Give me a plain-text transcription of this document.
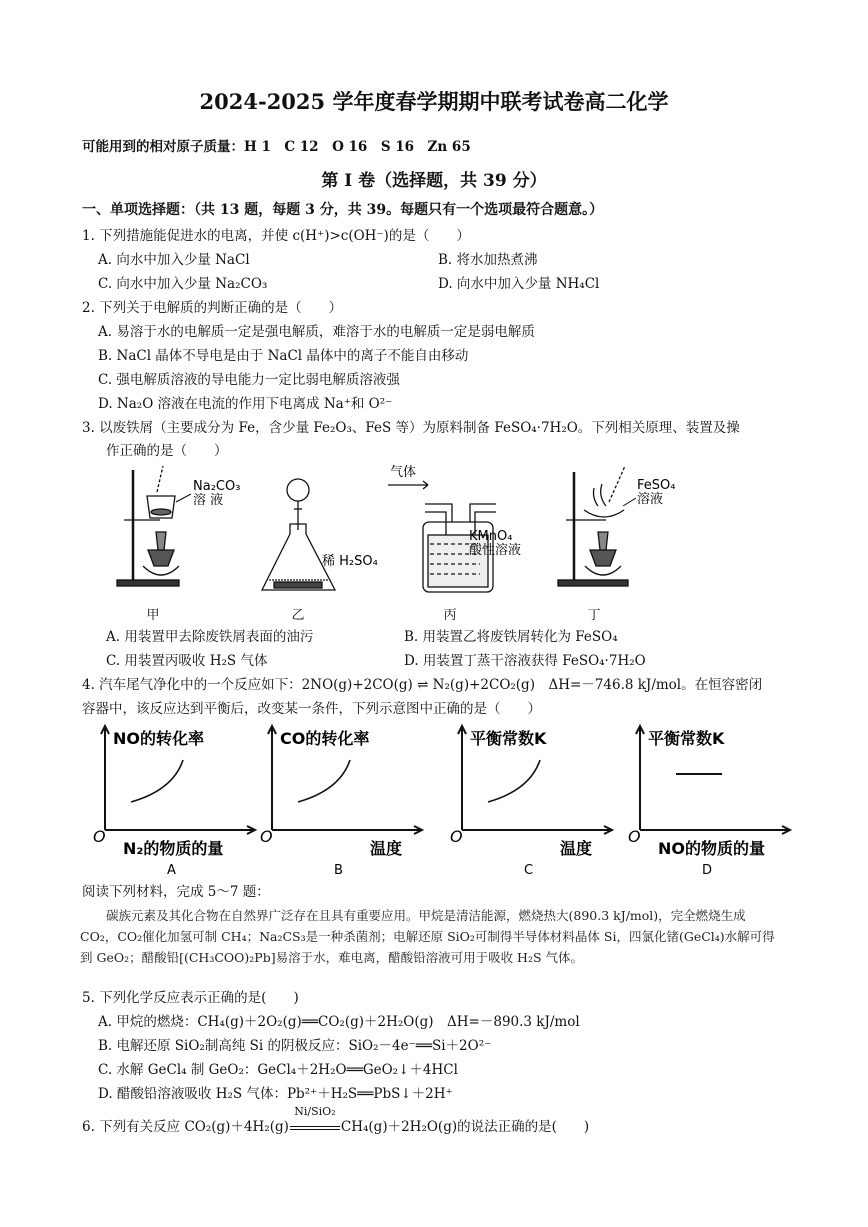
2024-2025 学年度春学期期中联考试卷高二化学
可能用到的相对原子质量：H 1　C 12　O 16　S 16　Zn 65
第 I 卷（选择题，共 39 分）
一、单项选择题：（共 13 题，每题 3 分，共 39。每题只有一个选项最符合题意。）
1. 下列措施能促进水的电离，并使 c(H⁺)>c(OH⁻)的是（　　）
A. 向水中加入少量 NaCl	B. 将水加热煮沸
C. 向水中加入少量 Na₂CO₃	D. 向水中加入少量 NH₄Cl
2. 下列关于电解质的判断正确的是（　　）
A. 易溶于水的电解质一定是强电解质，难溶于水的电解质一定是弱电解质
B. NaCl 晶体不导电是由于 NaCl 晶体中的离子不能自由移动
C. 强电解质溶液的导电能力一定比弱电解质溶液强
D. Na₂O 溶液在电流的作用下电离成 Na⁺和 O²⁻
3. 以废铁屑（主要成分为 Fe，含少量 Fe₂O₃、FeS 等）为原料制备 FeSO₄·7H₂O。下列相关原理、装置及操
作正确的是（　　）
Na₂CO₃
溶 液
稀 H₂SO₄
气体
KMnO₄
酸性溶液
FeSO₄
溶液
甲	乙	丙	丁
A. 用装置甲去除废铁屑表面的油污	B. 用装置乙将废铁屑转化为 FeSO₄
C. 用装置丙吸收 H₂S 气体	D. 用装置丁蒸干溶液获得 FeSO₄·7H₂O
4. 汽车尾气净化中的一个反应如下：2NO(g)+2CO(g) ⇌ N₂(g)+2CO₂(g)　ΔH=－746.8 kJ/mol。在恒容密闭
容器中，该反应达到平衡后，改变某一条件，下列示意图中正确的是（　　）
NO的转化率
O
N₂的物质的量
A
CO的转化率
O
温度
B
平衡常数K
O
温度
C
平衡常数K
O
NO的物质的量
D
阅读下列材料，完成 5～7 题：
碳族元素及其化合物在自然界广泛存在且具有重要应用。甲烷是清洁能源，燃烧热大(890.3 kJ/mol)，完全燃烧生成 CO₂，CO₂催化加氢可制 CH₄；Na₂CS₃是一种杀菌剂；电解还原 SiO₂可制得半导体材料晶体 Si，四氯化锗(GeCl₄)水解可得到 GeO₂；醋酸铅[(CH₃COO)₂Pb]易溶于水，难电离，醋酸铅溶液可用于吸收 H₂S 气体。
5. 下列化学反应表示正确的是(　　)
A. 甲烷的燃烧：CH₄(g)＋2O₂(g)══CO₂(g)＋2H₂O(g)　ΔH=－890.3 kJ/mol
B. 电解还原 SiO₂制高纯 Si 的阴极反应：SiO₂－4e⁻══Si＋2O²⁻
C. 水解 GeCl₄ 制 GeO₂：GeCl₄＋2H₂O══GeO₂↓＋4HCl
D. 醋酸铅溶液吸收 H₂S 气体：Pb²⁺＋H₂S══PbS↓＋2H⁺
6. 下列有关反应 CO₂(g)＋4H₂(g)
Ni/SiO₂
CH₄(g)＋2H₂O(g)的说法正确的是(　　)
